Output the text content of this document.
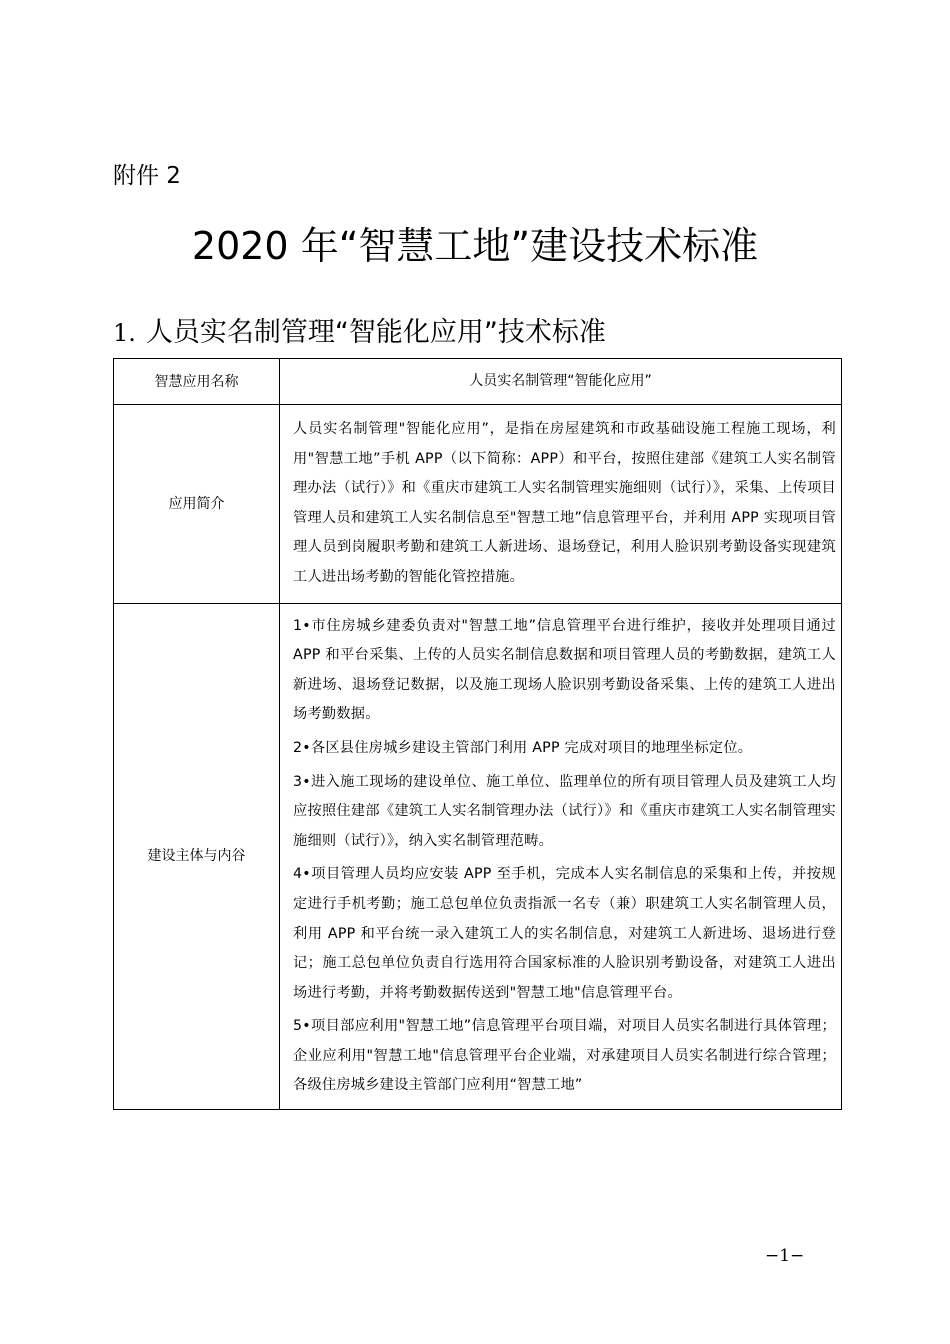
附件 2
2020 年“智慧工地”建设技术标准
1. 人员实名制管理“智能化应用”技术标准
智慧应用名称	人员实名制管理“智能化应用”
应用简介	人员实名制管理"智能化应用”，是指在房屋建筑和市政基础设施工程施工现场，利用"智慧工地”手机 APP（以下简称：APP）和平台，按照住建部《建筑工人实名制管理办法（试行）》和《重庆市建筑工人实名制管理实施细则（试行）》，采集、上传项目管理人员和建筑工人实名制信息至"智慧工地”信息管理平台，并利用 APP 实现项目管理人员到岗履职考勤和建筑工人新进场、退场登记，利用人脸识别考勤设备实现建筑工人进出场考勤的智能化管控措施。
建设主体与内谷	1•市住房城乡建委负责对"智慧工地”信息管理平台进行维护，接收并处理项目通过 APP 和平台采集、上传的人员实名制信息数据和项目管理人员的考勤数据，建筑工人新进场、退场登记数据，以及施工现场人脸识别考勤设备采集、上传的建筑工人进出场考勤数据。
2•各区县住房城乡建设主管部门利用 APP 完成对项目的地理坐标定位。
3•进入施工现场的建设单位、施工单位、监理单位的所有项目管理人员及建筑工人均应按照住建部《建筑工人实名制管理办法（试行）》和《重庆市建筑工人实名制管理实施细则（试行）》，纳入实名制管理范畴。
4•项目管理人员均应安装 APP 至手机，完成本人实名制信息的采集和上传，并按规定进行手机考勤；施工总包单位负责指派一名专（兼）职建筑工人实名制管理人员，利用 APP 和平台统一录入建筑工人的实名制信息，对建筑工人新进场、退场进行登记；施工总包单位负责自行选用符合国家标准的人脸识别考勤设备，对建筑工人进出场进行考勤，并将考勤数据传送到"智慧工地"信息管理平台。
5•项目部应利用"智慧工地”信息管理平台项目端，对项目人员实名制进行具体管理；企业应利用"智慧工地"信息管理平台企业端，对承建项目人员实名制进行综合管理；各级住房城乡建设主管部门应利用“智慧工地”
−1−
